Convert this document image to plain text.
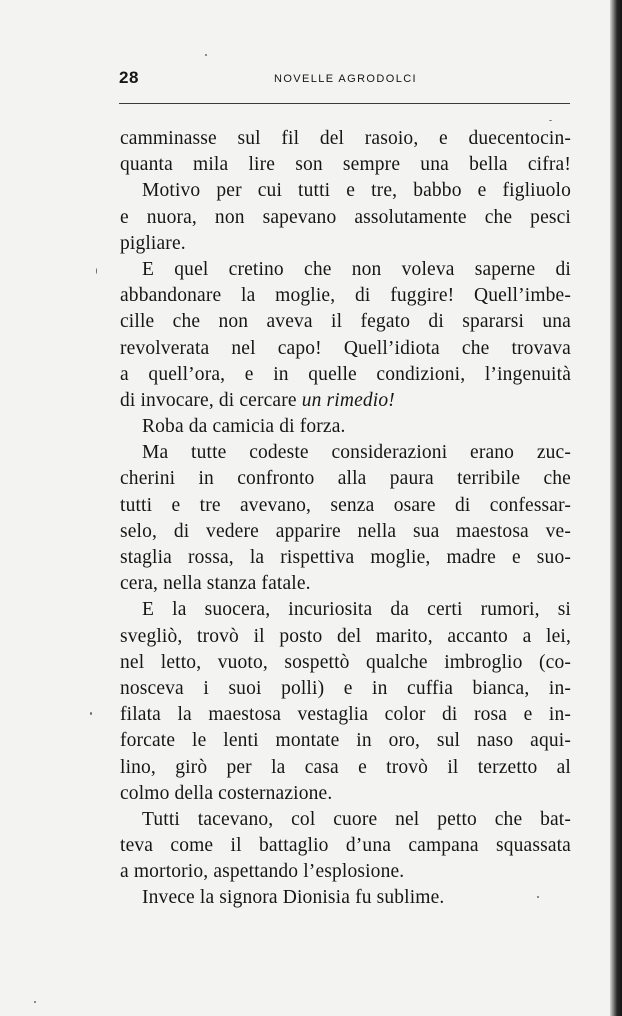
28	NOVELLE AGRODOLCI
camminasse sul fil del rasoio, e duecentocin-
quanta mila lire son sempre una bella cifra!
Motivo per cui tutti e tre, babbo e figliuolo
e nuora, non sapevano assolutamente che pesci
pigliare.
E quel cretino che non voleva saperne di
abbandonare la moglie, di fuggire! Quell’imbe-
cille che non aveva il fegato di spararsi una
revolverata nel capo! Quell’idiota che trovava
a quell’ora, e in quelle condizioni, l’ingenuità
di invocare, di cercare un rimedio!
Roba da camicia di forza.
Ma tutte codeste considerazioni erano zuc-
cherini in confronto alla paura terribile che
tutti e tre avevano, senza osare di confessar-
selo, di vedere apparire nella sua maestosa ve-
staglia rossa, la rispettiva moglie, madre e suo-
cera, nella stanza fatale.
E la suocera, incuriosita da certi rumori, si
svegliò, trovò il posto del marito, accanto a lei,
nel letto, vuoto, sospettò qualche imbroglio (co-
nosceva i suoi polli) e in cuffia bianca, in-
filata la maestosa vestaglia color di rosa e in-
forcate le lenti montate in oro, sul naso aqui-
lino, girò per la casa e trovò il terzetto al
colmo della costernazione.
Tutti tacevano, col cuore nel petto che bat-
teva come il battaglio d’una campana squassata
a mortorio, aspettando l’esplosione.
Invece la signora Dionisia fu sublime.
